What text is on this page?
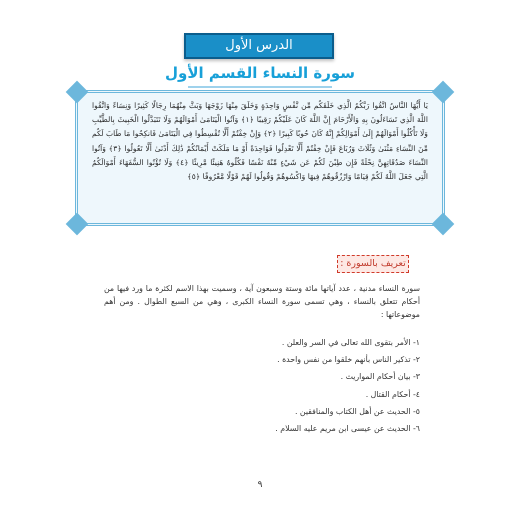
الدرس الأول
سورة النساء القسم الأول
يَا أَيُّهَا النَّاسُ اتَّقُوا رَبَّكُمُ الَّذِي خَلَقَكُم مِّن نَّفْسٍ وَاحِدَةٍ وَخَلَقَ مِنْهَا زَوْجَهَا وَبَثَّ مِنْهُمَا رِجَالًا كَثِيرًا وَنِسَاءً وَاتَّقُوا اللَّهَ الَّذِي تَسَاءَلُونَ بِهِ وَالْأَرْحَامَ إِنَّ اللَّهَ كَانَ عَلَيْكُمْ رَقِيبًا ﴿١﴾ وَآتُوا الْيَتَامَىٰ أَمْوَالَهُمْ وَلَا تَتَبَدَّلُوا الْخَبِيثَ بِالطَّيِّبِ وَلَا تَأْكُلُوا أَمْوَالَهُمْ إِلَىٰ أَمْوَالِكُمْ إِنَّهُ كَانَ حُوبًا كَبِيرًا ﴿٢﴾ وَإِنْ خِفْتُمْ أَلَّا تُقْسِطُوا فِي الْيَتَامَىٰ فَانكِحُوا مَا طَابَ لَكُم مِّنَ النِّسَاءِ مَثْنَىٰ وَثُلَاثَ وَرُبَاعَ فَإِنْ خِفْتُمْ أَلَّا تَعْدِلُوا فَوَاحِدَةً أَوْ مَا مَلَكَتْ أَيْمَانُكُمْ ذَٰلِكَ أَدْنَىٰ أَلَّا تَعُولُوا ﴿٣﴾ وَآتُوا النِّسَاءَ صَدُقَاتِهِنَّ نِحْلَةً فَإِن طِبْنَ لَكُمْ عَن شَيْءٍ مِّنْهُ نَفْسًا فَكُلُوهُ هَنِيئًا مَّرِيئًا ﴿٤﴾ وَلَا تُؤْتُوا السُّفَهَاءَ أَمْوَالَكُمُ الَّتِي جَعَلَ اللَّهُ لَكُمْ قِيَامًا وَارْزُقُوهُمْ فِيهَا وَاكْسُوهُمْ وَقُولُوا لَهُمْ قَوْلًا مَّعْرُوفًا ﴿٥﴾
تعريف بالسورة :
سورة النساء مدنية ، عدد آياتها مائة وستة وسبعون آية ، وسميت بهذا الاسم لكثرة ما ورد فيها من أحكام تتعلق بالنساء ، وهي تسمى سورة النساء الكبرى ، وهي من السبع الطوال . ومن أهم موضوعاتها :
١- الأمر بتقوى الله تعالى في السر والعلن .
٢- تذكير الناس بأنهم خلقوا من نفس واحدة .
٣- بيان أحكام المواريث .
٤- أحكام القتال .
٥- الحديث عن أهل الكتاب والمنافقين .
٦- الحديث عن عيسى ابن مريم عليه السلام .
٩
